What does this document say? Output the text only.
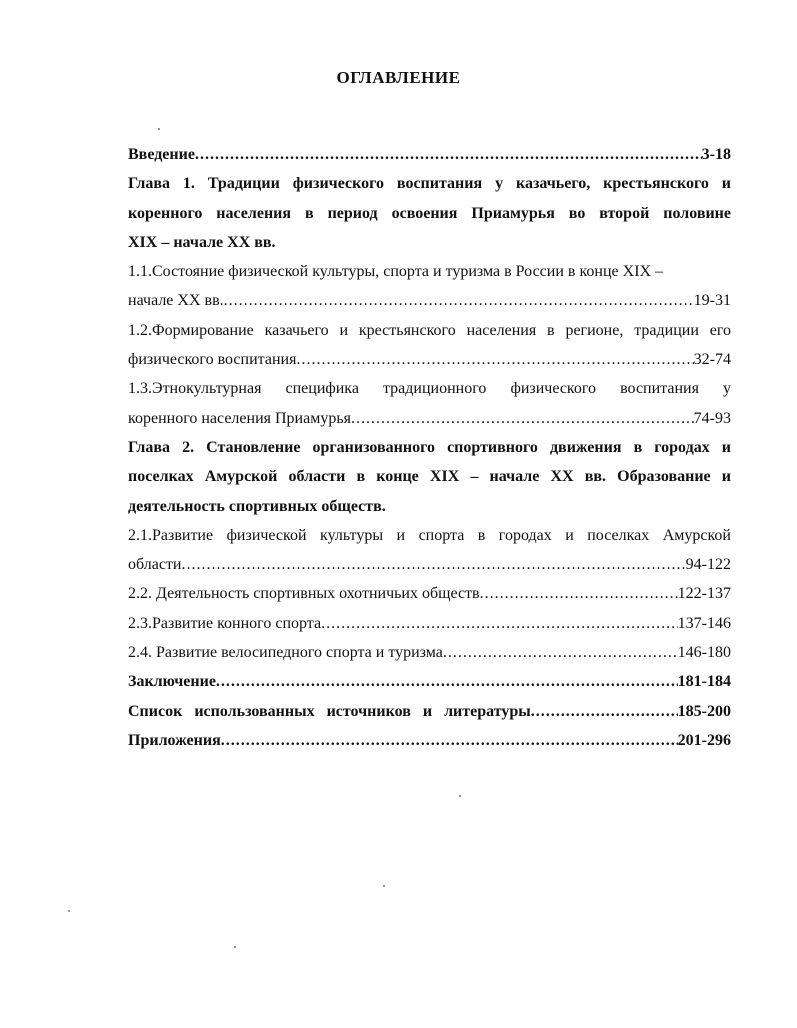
ОГЛАВЛЕНИЕ
Введение .....	3-18
Глава 1. Традиции физического воспитания у казачьего, крестьянского и
коренного населения в период освоения Приамурья во второй половине
XIX – начале XX вв.
1.1.Состояние физической культуры, спорта и туризма в России в конце XIX –
начале XX вв. .....	19-31
1.2.Формирование казачьего и крестьянского населения в регионе, традиции его
физического воспитания .....	32-74
1.3.Этнокультурная специфика традиционного физического воспитания у
коренного населения Приамурья .....	74-93
Глава 2. Становление организованного спортивного движения в городах и
поселках Амурской области в конце XIX – начале XX вв. Образование и
деятельность спортивных обществ.
2.1.Развитие физической культуры и спорта в городах и поселках Амурской
области .....	94-122
2.2. Деятельность спортивных охотничьих обществ .....	122-137
2.3.Развитие конного спорта .....	137-146
2.4. Развитие велосипедного спорта и туризма .....	146-180
Заключение .....	181-184
Список   использованных   источников   и   литературы .....	185-200
Приложения .....	201-296
